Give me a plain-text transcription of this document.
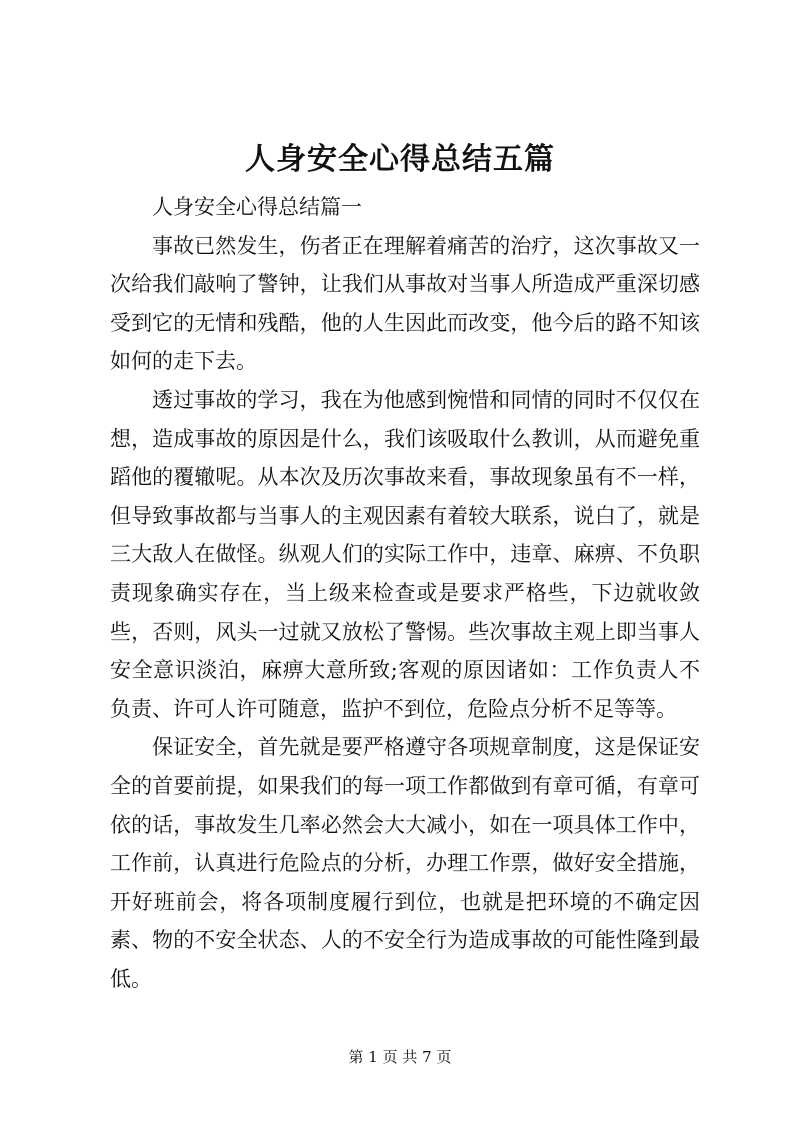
人身安全心得总结五篇

人身安全心得总结篇一

事故已然发生，伤者正在理解着痛苦的治疗，这次事故又一次给我们敲响了警钟，让我们从事故对当事人所造成严重深切感受到它的无情和残酷，他的人生因此而改变，他今后的路不知该如何的走下去。

透过事故的学习，我在为他感到惋惜和同情的同时不仅仅在想，造成事故的原因是什么，我们该吸取什么教训，从而避免重蹈他的覆辙呢。从本次及历次事故来看，事故现象虽有不一样，但导致事故都与当事人的主观因素有着较大联系，说白了，就是三大敌人在做怪。纵观人们的实际工作中，违章、麻痹、不负职责现象确实存在，当上级来检查或是要求严格些，下边就收敛些，否则，风头一过就又放松了警惕。些次事故主观上即当事人安全意识淡泊，麻痹大意所致;客观的原因诸如：工作负责人不负责、许可人许可随意，监护不到位，危险点分析不足等等。

保证安全，首先就是要严格遵守各项规章制度，这是保证安全的首要前提，如果我们的每一项工作都做到有章可循，有章可依的话，事故发生几率必然会大大减小，如在一项具体工作中，工作前，认真进行危险点的分析，办理工作票，做好安全措施，开好班前会，将各项制度履行到位，也就是把环境的不确定因素、物的不安全状态、人的不安全行为造成事故的可能性隆到最低。

第 1 页 共 7 页
